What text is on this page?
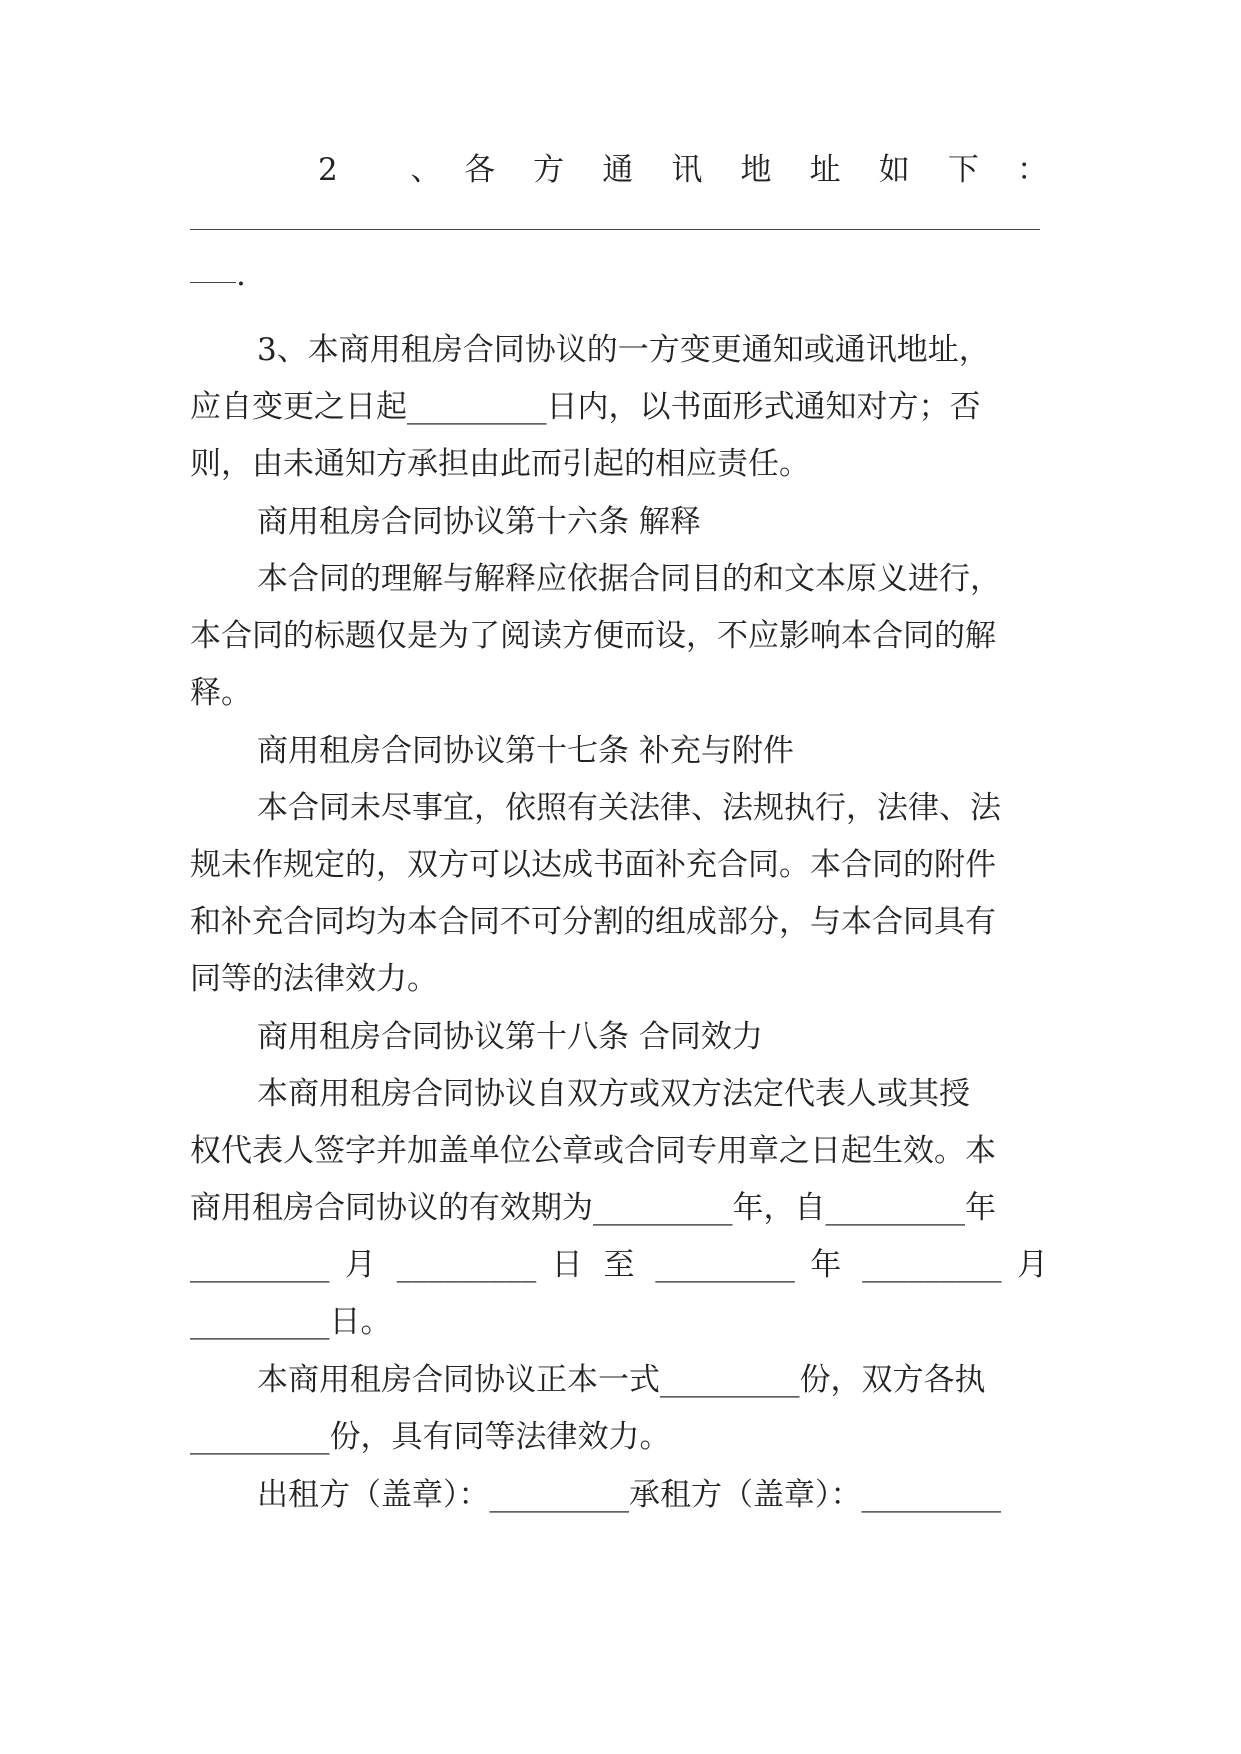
2　　、　各　方　通　讯　地　址　如　下　：
.
3、本商用租房合同协议的一方变更通知或通讯地址，
应自变更之日起_________日内，以书面形式通知对方；否
则，由未通知方承担由此而引起的相应责任。
商用租房合同协议第十六条 解释
本合同的理解与解释应依据合同目的和文本原义进行，
本合同的标题仅是为了阅读方便而设，不应影响本合同的解
释。
商用租房合同协议第十七条 补充与附件
本合同未尽事宜，依照有关法律、法规执行，法律、法
规未作规定的，双方可以达成书面补充合同。本合同的附件
和补充合同均为本合同不可分割的组成部分，与本合同具有
同等的法律效力。
商用租房合同协议第十八条 合同效力
本商用租房合同协议自双方或双方法定代表人或其授
权代表人签字并加盖单位公章或合同专用章之日起生效。本
商用租房合同协议的有效期为_________年，自_________年
_________ 月 _________ 日 至 _________ 年 _________ 月
_________日。
本商用租房合同协议正本一式_________份，双方各执
_________份，具有同等法律效力。
出租方（盖章）：_________承租方（盖章）：_________
